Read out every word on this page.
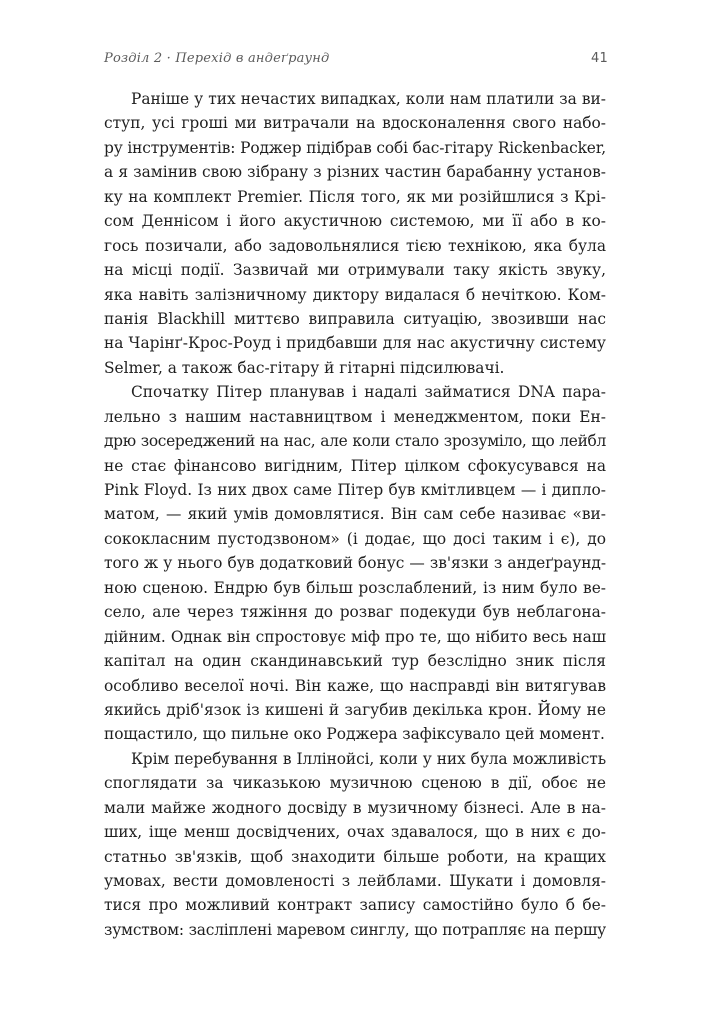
Розділ 2 · Перехід в андеґраунд	41
Раніше у тих нечастих випадках, коли нам платили за ви-
ступ, усі гроші ми витрачали на вдосконалення свого набо-
ру інструментів: Роджер підібрав собі бас-гітару Rickenbacker,
а я замінив свою зібрану з різних частин барабанну установ-
ку на комплект Premier. Після того, як ми розійшлися з Крі-
сом Деннісом і його акустичною системою, ми її або в ко-
гось позичали, або задовольнялися тією технікою, яка була
на місці події. Зазвичай ми отримували таку якість звуку,
яка навіть залізничному диктору видалася б нечіткою. Ком-
панія Blackhill миттєво виправила ситуацію, звозивши нас
на Чарінґ-Крос-Роуд і придбавши для нас акустичну систему
Selmer, а також бас-гітару й гітарні підсилювачі.
Спочатку Пітер планував і надалі займатися DNA пара-
лельно з нашим наставництвом і менеджментом, поки Ен-
дрю зосереджений на нас, але коли стало зрозуміло, що лейбл
не стає фінансово вигідним, Пітер цілком сфокусувався на
Pink Floyd. Із них двох саме Пітер був кмітливцем — і дипло-
матом, — який умів домовлятися. Він сам себе називає «ви-
сококласним пустодзвоном» (і додає, що досі таким і є), до
того ж у нього був додатковий бонус — зв'язки з андеґраунд-
ною сценою. Ендрю був більш розслаблений, із ним було ве-
село, але через тяжіння до розваг подекуди був неблагона-
дійним. Однак він спростовує міф про те, що нібито весь наш
капітал на один скандинавський тур безслідно зник після
особливо веселої ночі. Він каже, що насправді він витягував
якийсь дріб'язок із кишені й загубив декілька крон. Йому не
пощастило, що пильне око Роджера зафіксувало цей момент.
Крім перебування в Іллінойсі, коли у них була можливість
споглядати за чиказькою музичною сценою в дії, обоє не
мали майже жодного досвіду в музичному бізнесі. Але в на-
ших, іще менш досвідчених, очах здавалося, що в них є до-
статньо зв'язків, щоб знаходити більше роботи, на кращих
умовах, вести домовленості з лейблами. Шукати і домовля-
тися про можливий контракт запису самостійно було б бе-
зумством: засліплені маревом синглу, що потрапляє на першу
